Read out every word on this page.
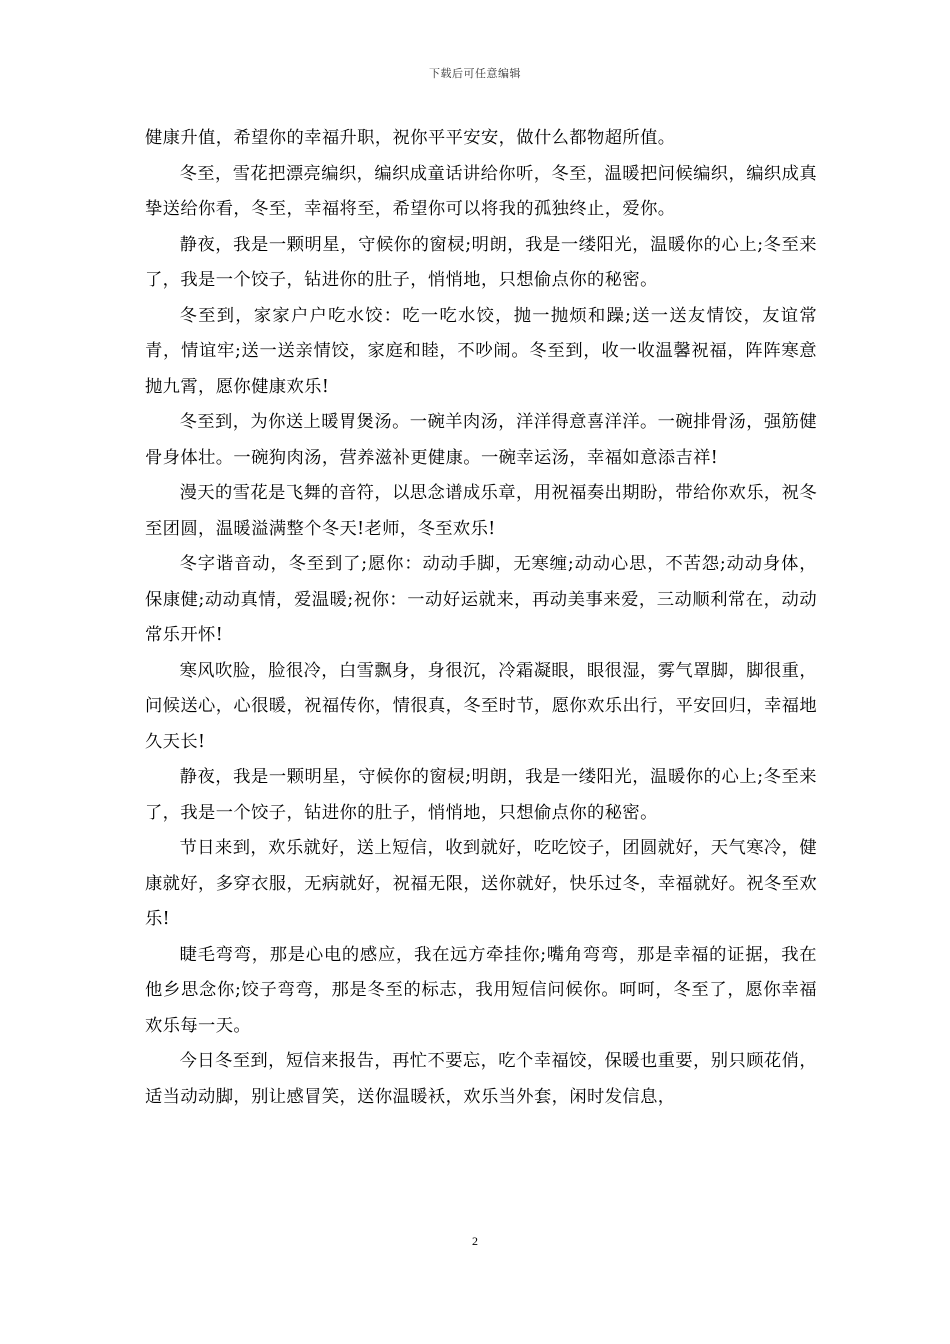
下载后可任意编辑

健康升值，希望你的幸福升职，祝你平平安安，做什么都物超所值。

冬至，雪花把漂亮编织，编织成童话讲给你听，冬至，温暖把问候编织，编织成真挚送给你看，冬至，幸福将至，希望你可以将我的孤独终止，爱你。

静夜，我是一颗明星，守候你的窗棂;明朗，我是一缕阳光，温暖你的心上;冬至来了，我是一个饺子，钻进你的肚子，悄悄地，只想偷点你的秘密。

冬至到，家家户户吃水饺：吃一吃水饺，抛一抛烦和躁;送一送友情饺，友谊常青，情谊牢;送一送亲情饺，家庭和睦，不吵闹。冬至到，收一收温馨祝福，阵阵寒意抛九霄，愿你健康欢乐!

冬至到，为你送上暖胃煲汤。一碗羊肉汤，洋洋得意喜洋洋。一碗排骨汤，强筋健骨身体壮。一碗狗肉汤，营养滋补更健康。一碗幸运汤，幸福如意添吉祥!

漫天的雪花是飞舞的音符，以思念谱成乐章，用祝福奏出期盼，带给你欢乐，祝冬至团圆，温暖溢满整个冬天!老师，冬至欢乐!

冬字谐音动，冬至到了;愿你：动动手脚，无寒缠;动动心思，不苦怨;动动身体，保康健;动动真情，爱温暖;祝你：一动好运就来，再动美事来爱，三动顺利常在，动动常乐开怀!

寒风吹脸，脸很冷，白雪飘身，身很沉，冷霜凝眼，眼很湿，雾气罩脚，脚很重，问候送心，心很暖，祝福传你，情很真，冬至时节，愿你欢乐出行，平安回归，幸福地久天长!

静夜，我是一颗明星，守候你的窗棂;明朗，我是一缕阳光，温暖你的心上;冬至来了，我是一个饺子，钻进你的肚子，悄悄地，只想偷点你的秘密。

节日来到，欢乐就好，送上短信，收到就好，吃吃饺子，团圆就好，天气寒冷，健康就好，多穿衣服，无病就好，祝福无限，送你就好，快乐过冬，幸福就好。祝冬至欢乐!

睫毛弯弯，那是心电的感应，我在远方牵挂你;嘴角弯弯，那是幸福的证据，我在他乡思念你;饺子弯弯，那是冬至的标志，我用短信问候你。呵呵，冬至了，愿你幸福欢乐每一天。

今日冬至到，短信来报告，再忙不要忘，吃个幸福饺，保暖也重要，别只顾花俏，适当动动脚，别让感冒笑，送你温暖袄，欢乐当外套，闲时发信息，

2
